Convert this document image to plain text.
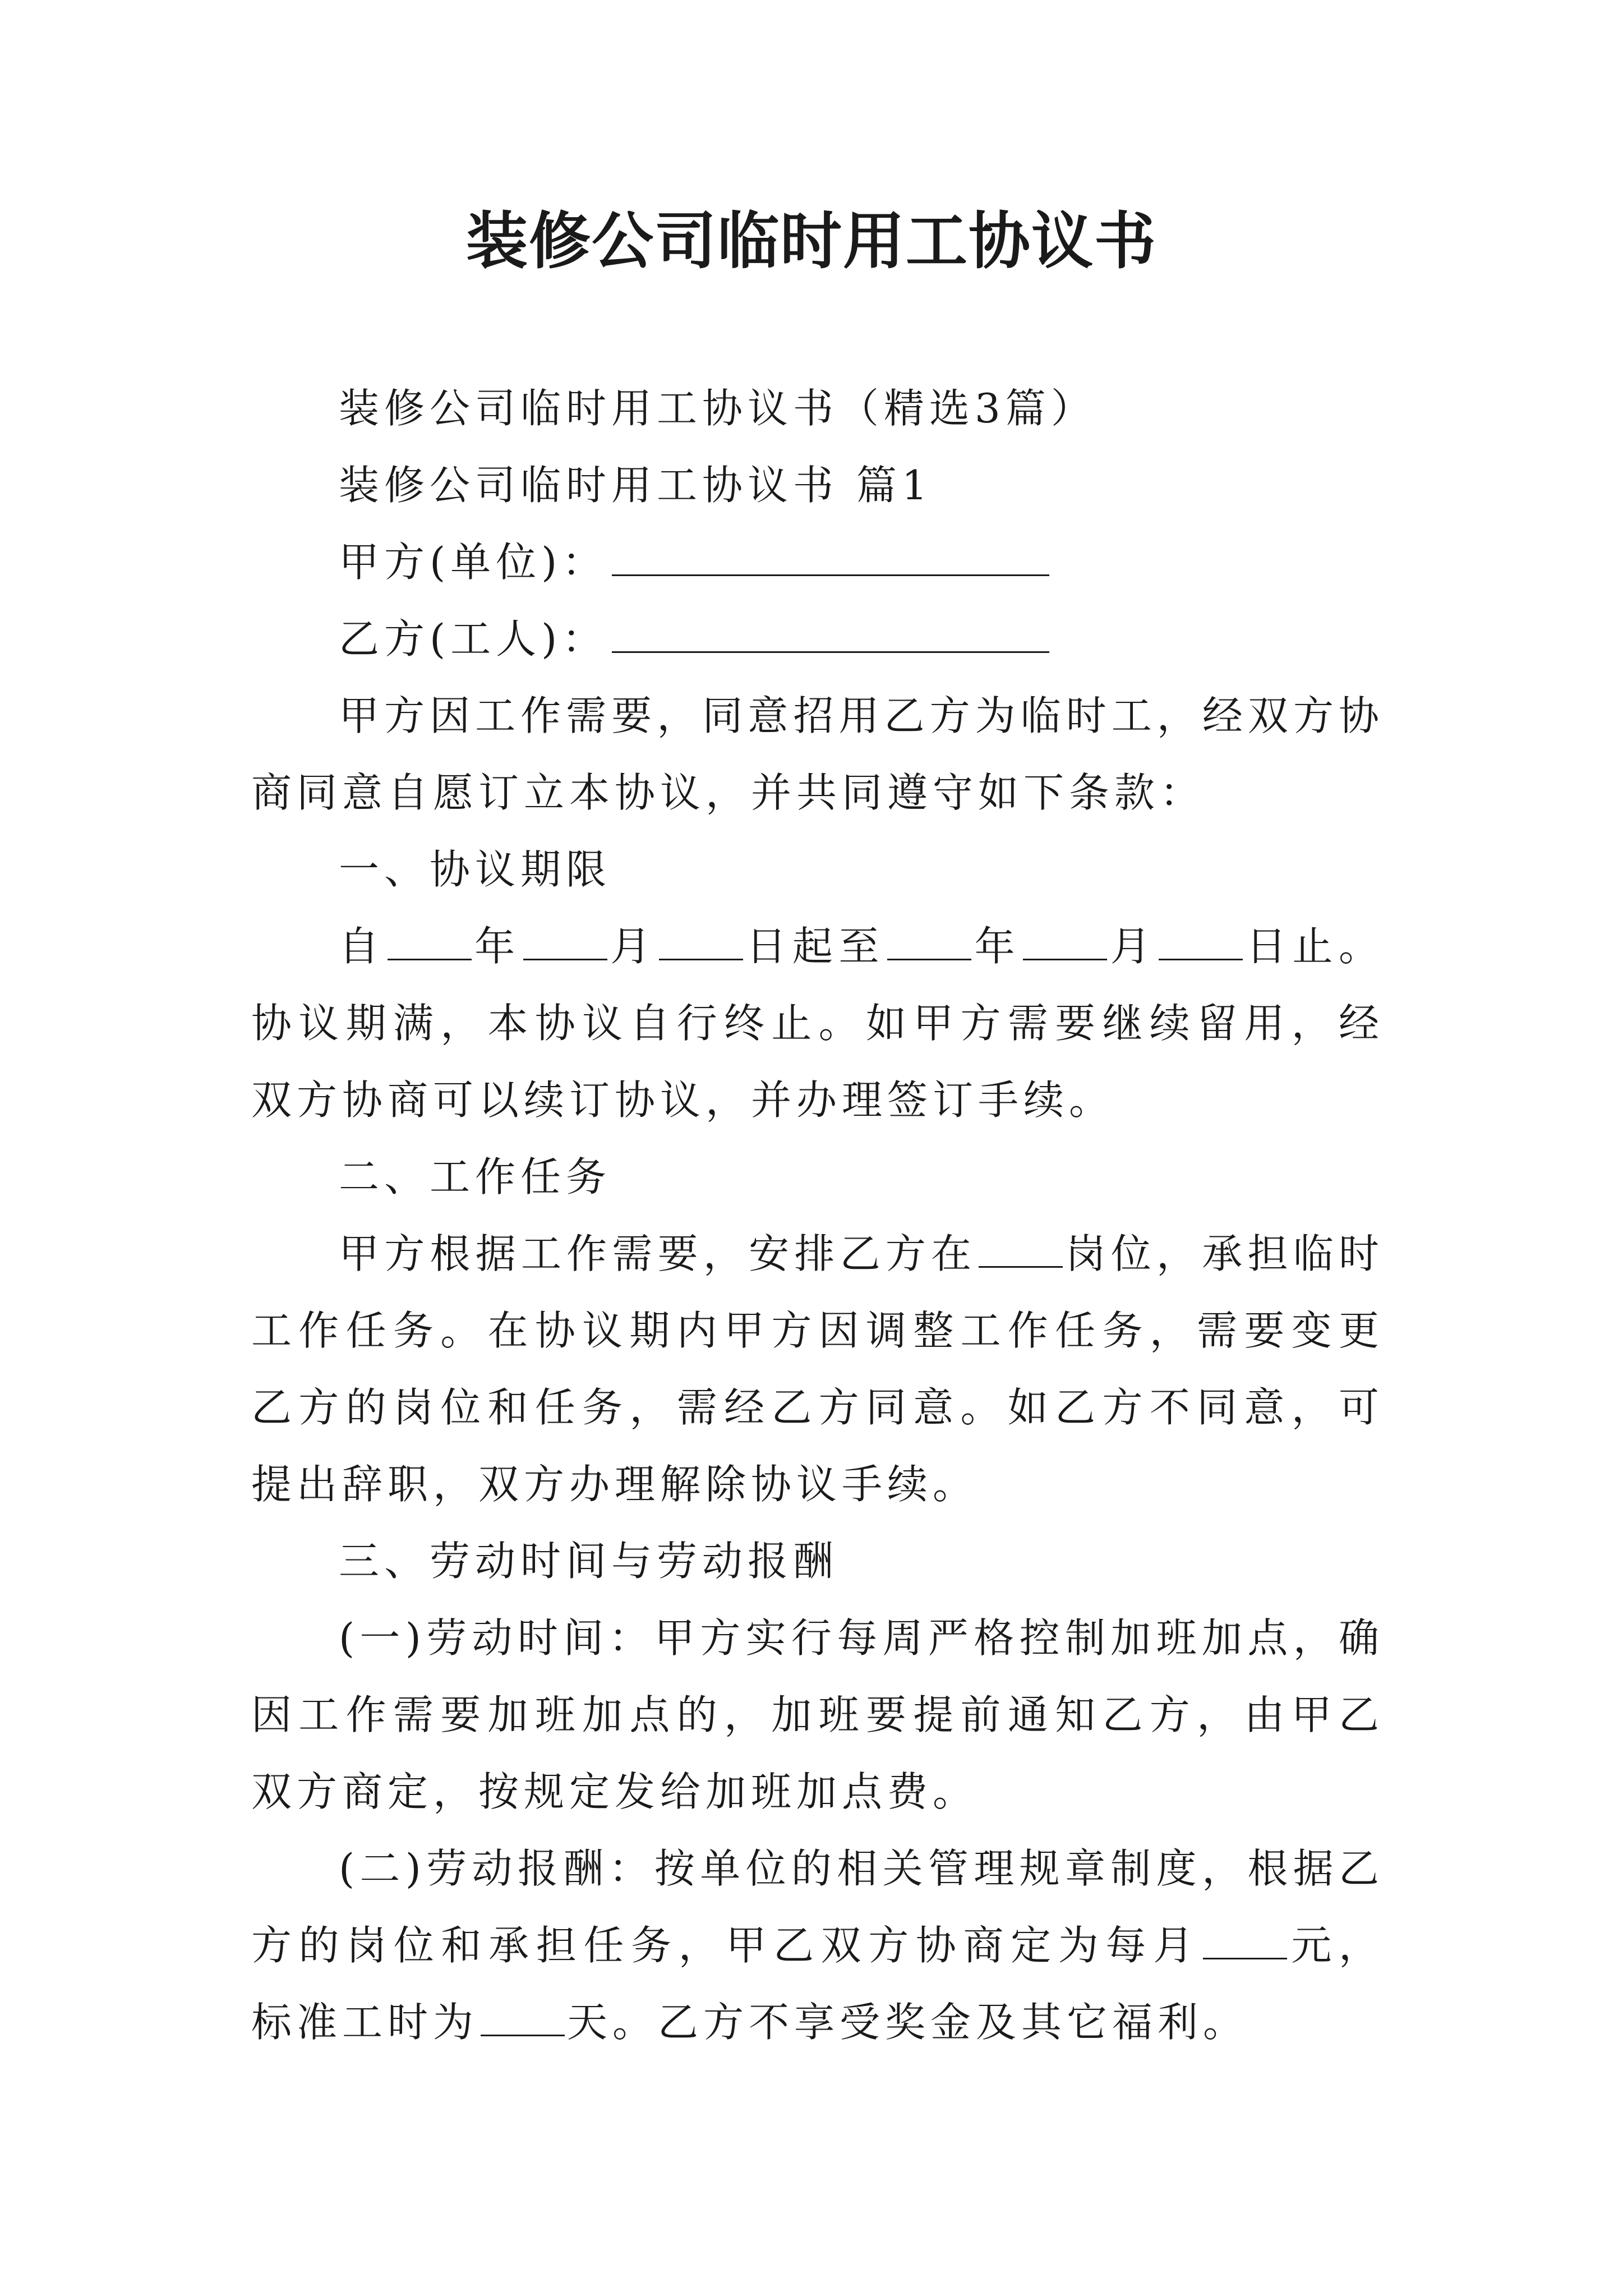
装修公司临时用工协议书

装修公司临时用工协议书（精选3篇）

装修公司临时用工协议书 篇1

甲方(单位)：

乙方(工人)：

甲方因工作需要，同意招用乙方为临时工，经双方协商同意自愿订立本协议，并共同遵守如下条款：

一、协议期限

自 年 月 日起至 年 月 日止。协议期满，本协议自行终止。如甲方需要继续留用，经双方协商可以续订协议，并办理签订手续。

二、工作任务

甲方根据工作需要，安排乙方在 岗位，承担临时工作任务。在协议期内甲方因调整工作任务，需要变更乙方的岗位和任务，需经乙方同意。如乙方不同意，可提出辞职，双方办理解除协议手续。

三、劳动时间与劳动报酬

(一)劳动时间：甲方实行每周严格控制加班加点，确因工作需要加班加点的，加班要提前通知乙方，由甲乙双方商定，按规定发给加班加点费。

(二)劳动报酬：按单位的相关管理规章制度，根据乙方的岗位和承担任务，甲乙双方协商定为每月 元，标准工时为 天。乙方不享受奖金及其它福利。
